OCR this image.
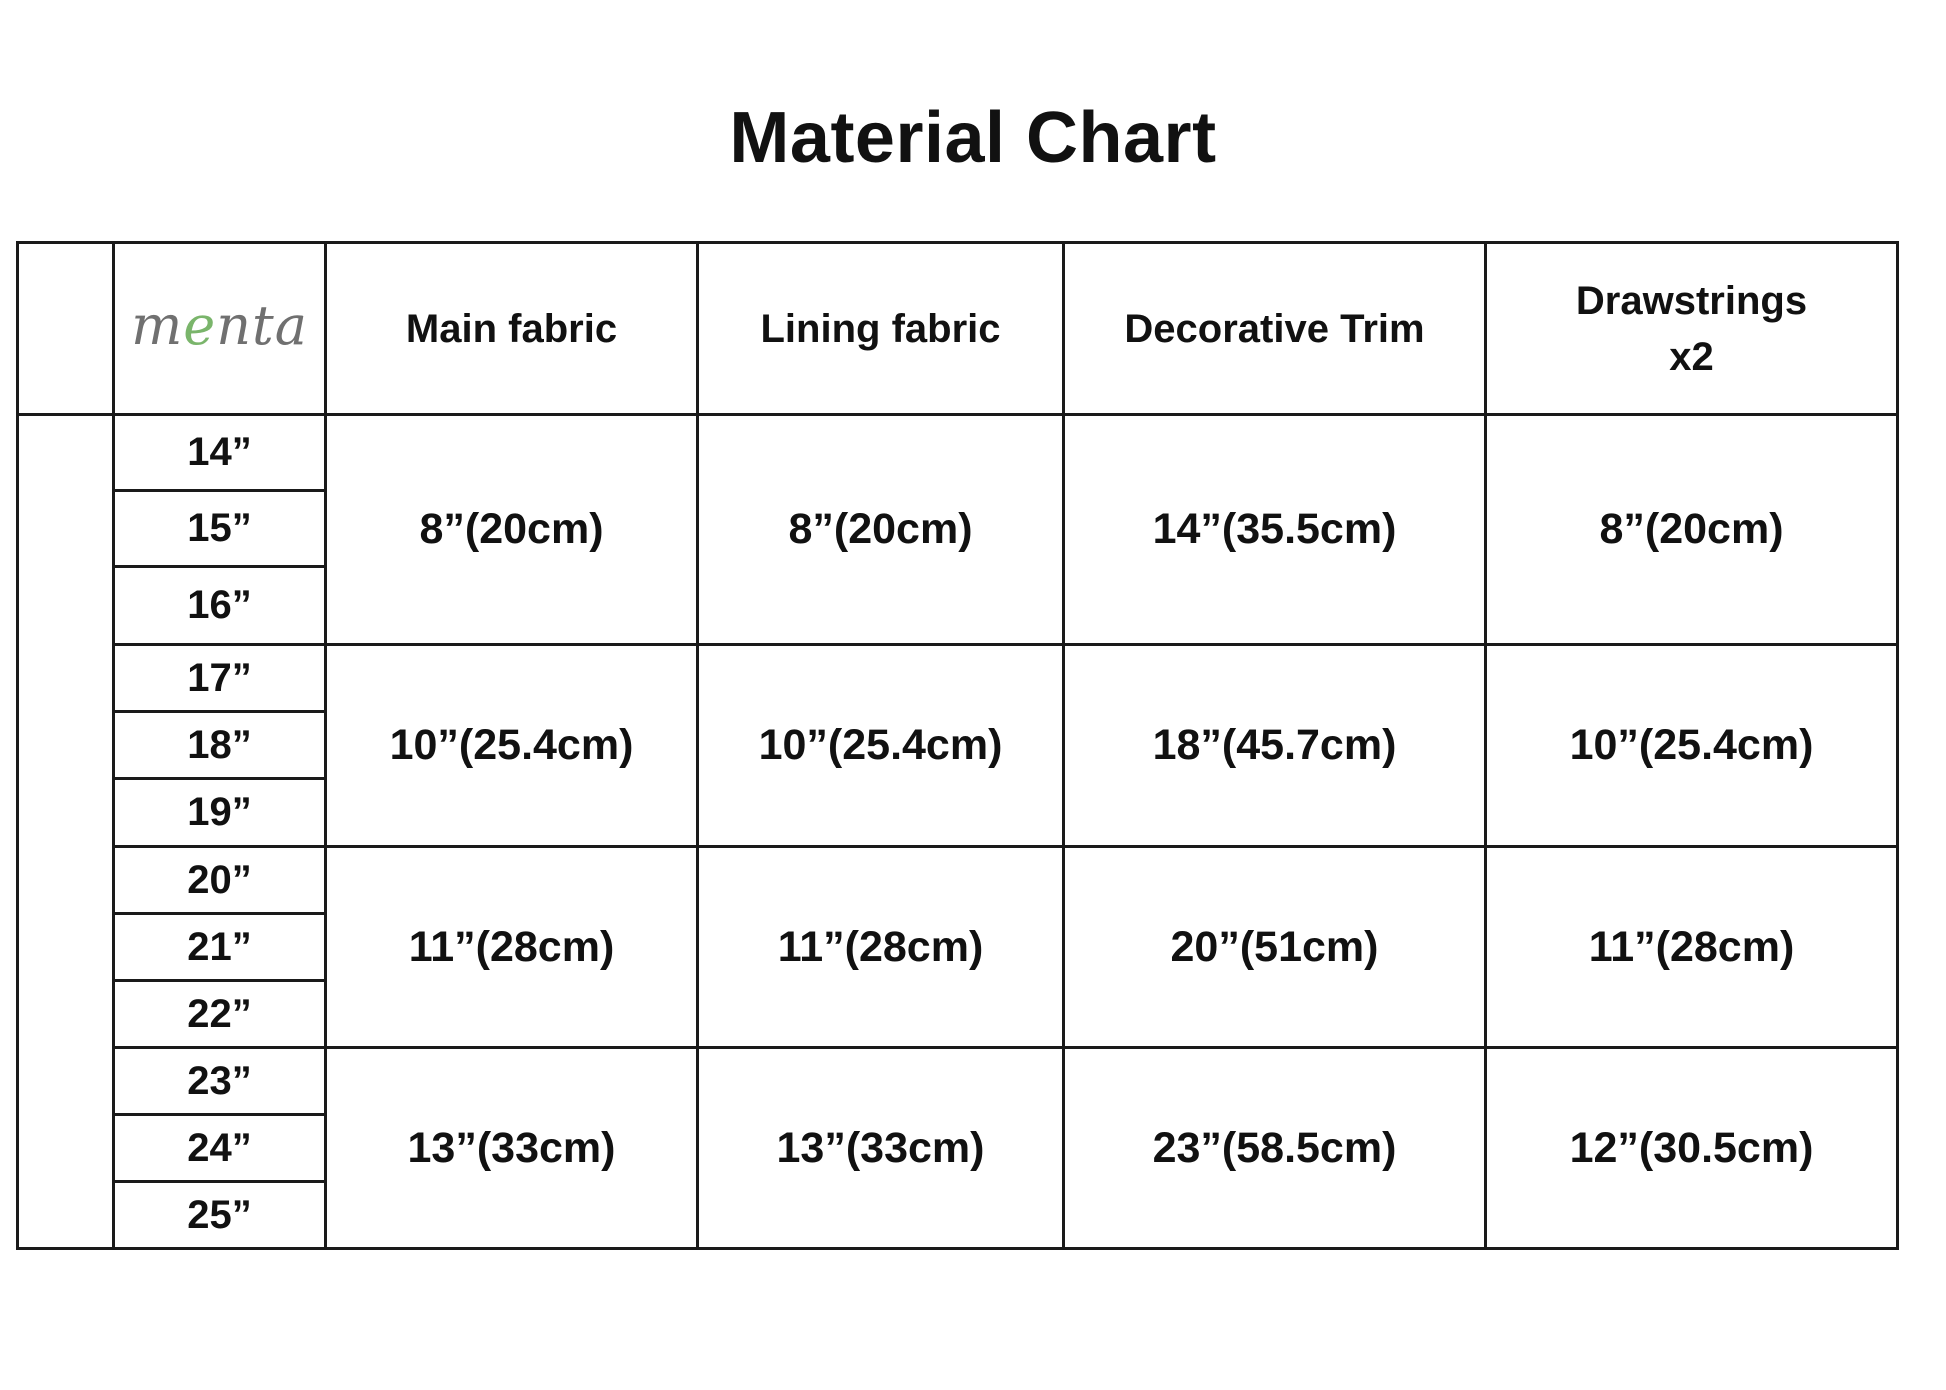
Material Chart
	menta	Main fabric	Lining fabric	Decorative Trim	Drawstrings
x2
	14”	8”(20cm)	8”(20cm)	14”(35.5cm)	8”(20cm)
	15”				
	16”				
	17”	10”(25.4cm)	10”(25.4cm)	18”(45.7cm)	10”(25.4cm)
	18”				
	19”				
	20”	11”(28cm)	11”(28cm)	20”(51cm)	11”(28cm)
	21”				
	22”				
	23”	13”(33cm)	13”(33cm)	23”(58.5cm)	12”(30.5cm)
	24”				
	25”				
